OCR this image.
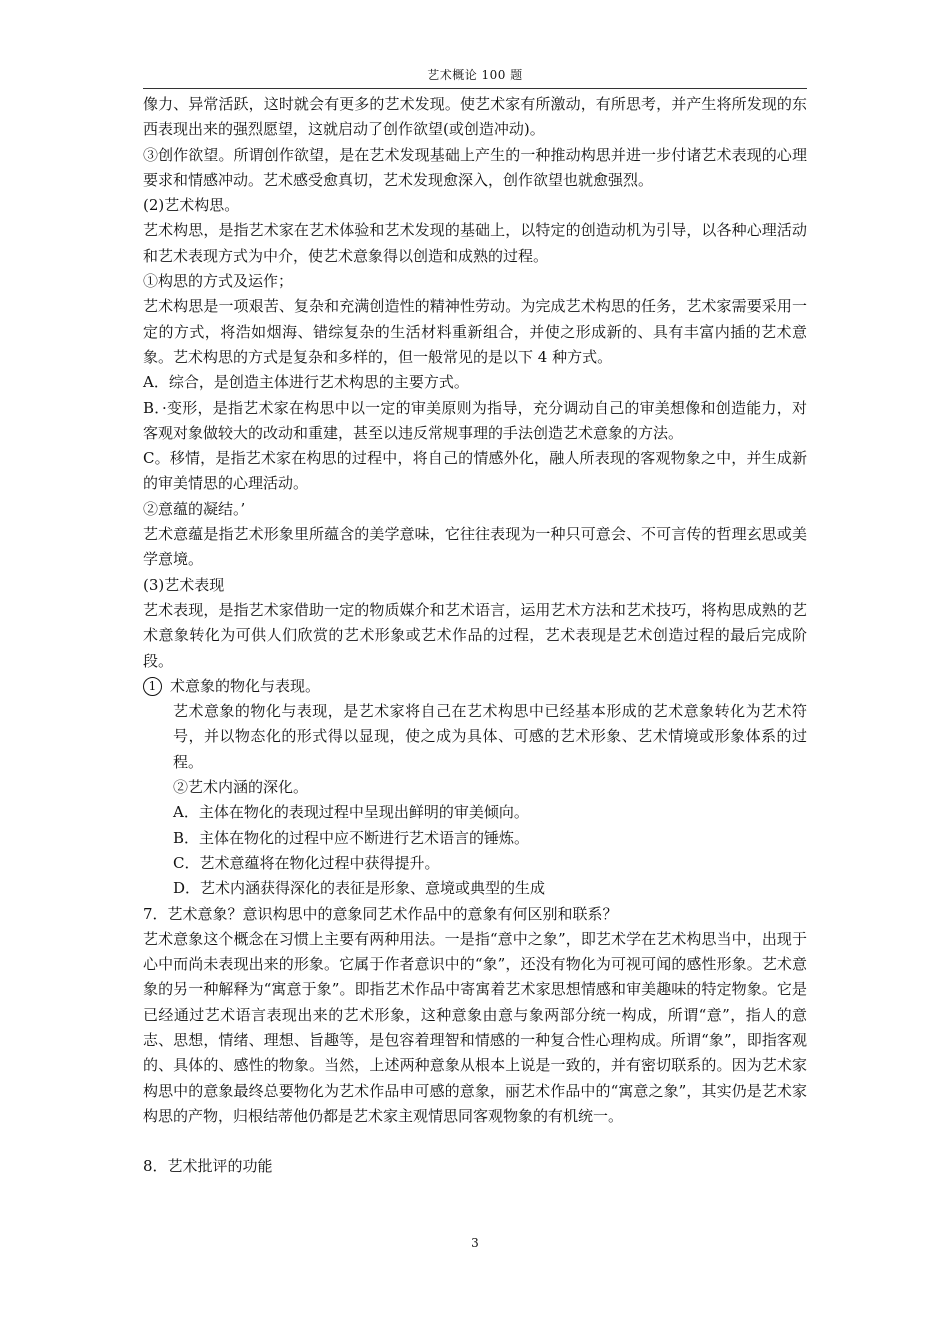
艺术概论 100 题

像力、异常活跃，这时就会有更多的艺术发现。使艺术家有所激动，有所思考，并产生将所发现的东西表现出来的强烈愿望，这就启动了创作欲望(或创造冲动)。

③创作欲望。所谓创作欲望，是在艺术发现基础上产生的一种推动构思并进一步付诸艺术表现的心理要求和情感冲动。艺术感受愈真切，艺术发现愈深入，创作欲望也就愈强烈。

(2)艺术构思。

艺术构思，是指艺术家在艺术体验和艺术发现的基础上，以特定的创造动机为引导，以各种心理活动和艺术表现方式为中介，使艺术意象得以创造和成熟的过程。

①构思的方式及运作；

艺术构思是一项艰苦、复杂和充满创造性的精神性劳动。为完成艺术构思的任务，艺术家需要采用一定的方式，将浩如烟海、错综复杂的生活材料重新组合，并使之形成新的、具有丰富内插的艺术意象。艺术构思的方式是复杂和多样的，但一般常见的是以下 4 种方式。

A．综合，是创造主体进行艺术构思的主要方式。

B．·变形，是指艺术家在构思中以一定的审美原则为指导，充分调动自己的审美想像和创造能力，对客观对象做较大的改动和重建，甚至以违反常规事理的手法创造艺术意象的方法。

C。移情，是指艺术家在构思的过程中，将自己的情感外化，融人所表现的客观物象之中，并生成新的审美情思的心理活动。

②意蕴的凝结。’

艺术意蕴是指艺术形象里所蕴含的美学意味，它往往表现为一种只可意会、不可言传的哲理玄思或美学意境。

(3)艺术表现

艺术表现，是指艺术家借助一定的物质媒介和艺术语言，运用艺术方法和艺术技巧，将构思成熟的艺术意象转化为可供人们欣赏的艺术形象或艺术作品的过程，艺术表现是艺术创造过程的最后完成阶段。

1 术意象的物化与表现。

艺术意象的物化与表现，是艺术家将自己在艺术构思中已经基本形成的艺术意象转化为艺术符号，并以物态化的形式得以显现，使之成为具体、可感的艺术形象、艺术情境或形象体系的过程。

②艺术内涵的深化。

A．主体在物化的表现过程中呈现出鲜明的审美倾向。

B．主体在物化的过程中应不断进行艺术语言的锤炼。

C．艺术意蕴将在物化过程中获得提升。

D．艺术内涵获得深化的表征是形象、意境或典型的生成

7．艺术意象？意识构思中的意象同艺术作品中的意象有何区别和联系？

艺术意象这个概念在习惯上主要有两种用法。一是指“意中之象”，即艺术学在艺术构思当中，出现于心中而尚未表现出来的形象。它属于作者意识中的“象”，还没有物化为可视可闻的感性形象。艺术意象的另一种解释为“寓意于象”。即指艺术作品中寄寓着艺术家思想情感和审美趣味的特定物象。它是已经通过艺术语言表现出来的艺术形象，这种意象由意与象两部分统一构成，所谓“意”，指人的意志、思想，情绪、理想、旨趣等，是包容着理智和情感的一种复合性心理构成。所谓“象”，即指客观的、具体的、感性的物象。当然，上述两种意象从根本上说是一致的，并有密切联系的。因为艺术家构思中的意象最终总要物化为艺术作品申可感的意象，丽艺术作品中的“寓意之象”，其实仍是艺术家构思的产物，归根结蒂他仍都是艺术家主观情思同客观物象的有机统一。

8．艺术批评的功能

3
